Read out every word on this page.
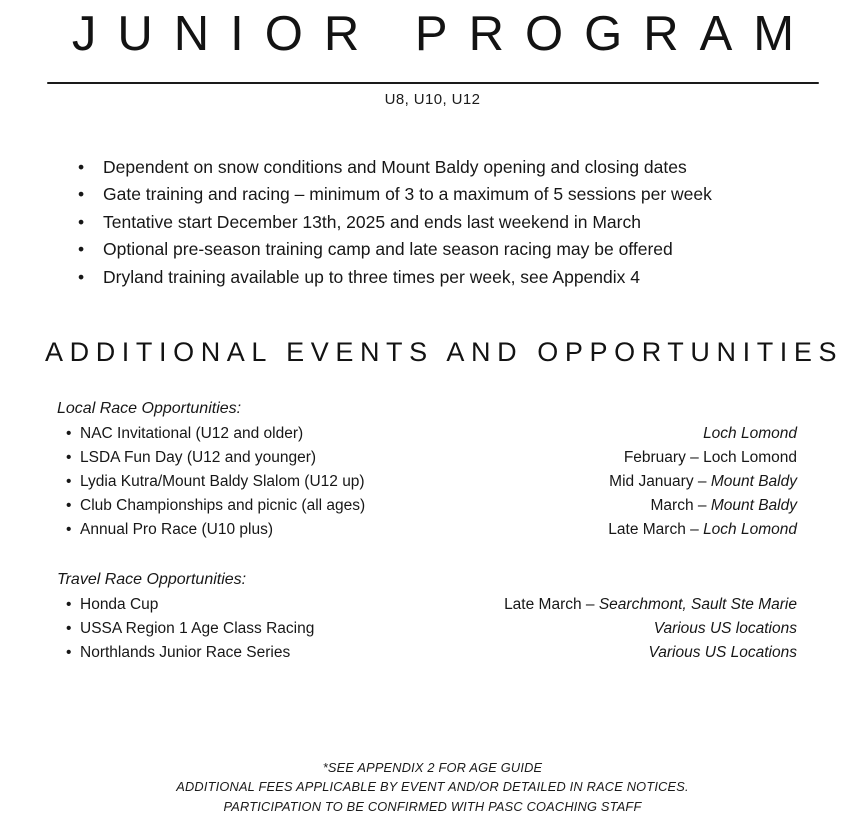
JUNIOR PROGRAM
U8, U10, U12
• Dependent on snow conditions and Mount Baldy opening and closing dates
• Gate training and racing – minimum of 3 to a maximum of 5 sessions per week
• Tentative start December 13th, 2025 and ends last weekend in March
• Optional pre-season training camp and late season racing may be offered
• Dryland training available up to three times per week, see Appendix 4
ADDITIONAL EVENTS AND OPPORTUNITIES
Local Race Opportunities:
• NAC Invitational (U12 and older)	Loch Lomond
• LSDA Fun Day (U12 and younger)	February – Loch Lomond
• Lydia Kutra/Mount Baldy Slalom (U12 up)	Mid January – Mount Baldy
• Club Championships and picnic (all ages)	March – Mount Baldy
• Annual Pro Race (U10 plus)	Late March – Loch Lomond
Travel Race Opportunities:
• Honda Cup	Late March – Searchmont, Sault Ste Marie
• USSA Region 1 Age Class Racing	Various US locations
• Northlands Junior Race Series	Various US Locations
*SEE APPENDIX 2 FOR AGE GUIDE
ADDITIONAL FEES APPLICABLE BY EVENT AND/OR DETAILED IN RACE NOTICES.
PARTICIPATION TO BE CONFIRMED WITH PASC COACHING STAFF
